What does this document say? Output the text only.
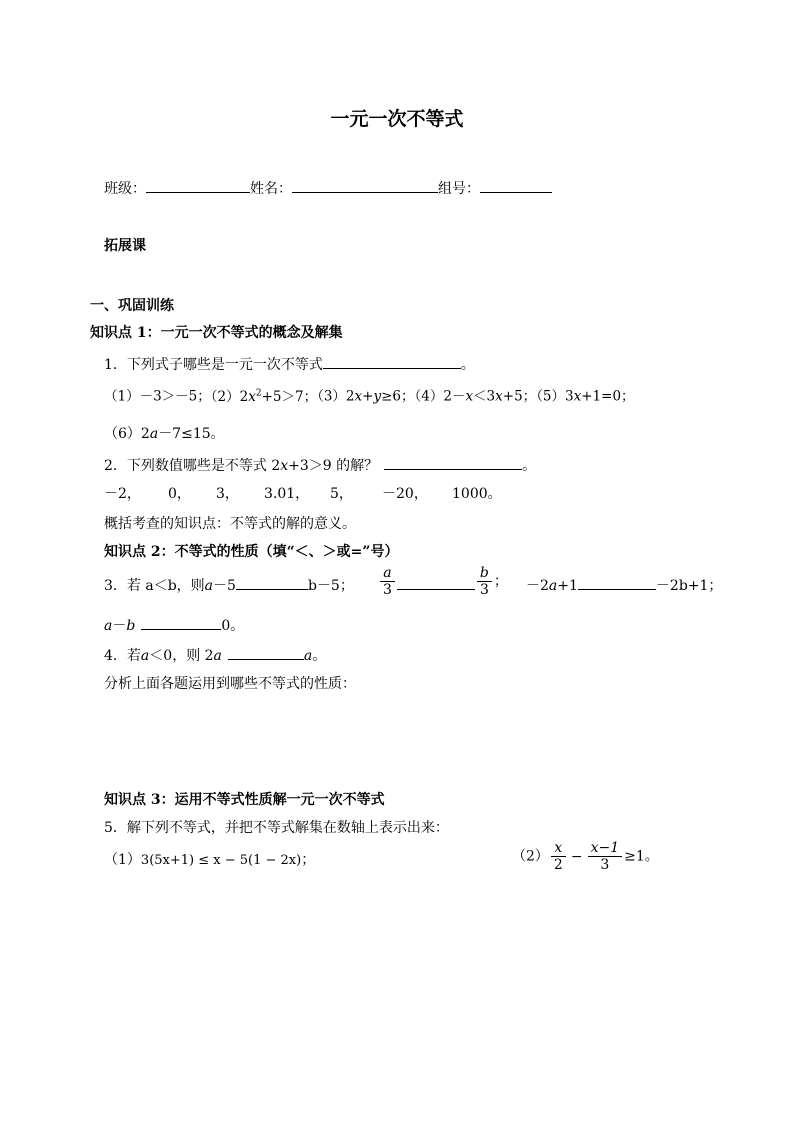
一元一次不等式
班级：	姓名：	组号：
拓展课
一、巩固训练
知识点 1：一元一次不等式的概念及解集
1．下列式子哪些是一元一次不等式	。
（1）－3＞－5；$(2)2x^2+5>7$；（3）2x+y≥6；（4）2－x＜3x+5；（5）3x+1=0；
（6）2a－7≤15。
2．下列数值哪些是不等式 2x+3＞9 的解？	。
－2， 0， 3， 3.01， 5， －20， 1000。
概括考查的知识点：不等式的解的意义。
知识点 2：不等式的性质（填“＜、＞或=”号）
3．若 a＜b，则a－5	b－5； $\frac{a}{3}$	$\frac{b}{3}$ ； －2a+1	－2b+1；
a－b	0。
4．若a＜0，则 2a	a。
分析上面各题运用到哪些不等式的性质：
知识点 3：运用不等式性质解一元一次不等式
5．解下列不等式，并把不等式解集在数轴上表示出来：
（1）3(5x+1) ≤ x − 5(1 − 2x)；	$(2) \frac{x}{2} - \frac{x-1}{3} \ge 1$。
